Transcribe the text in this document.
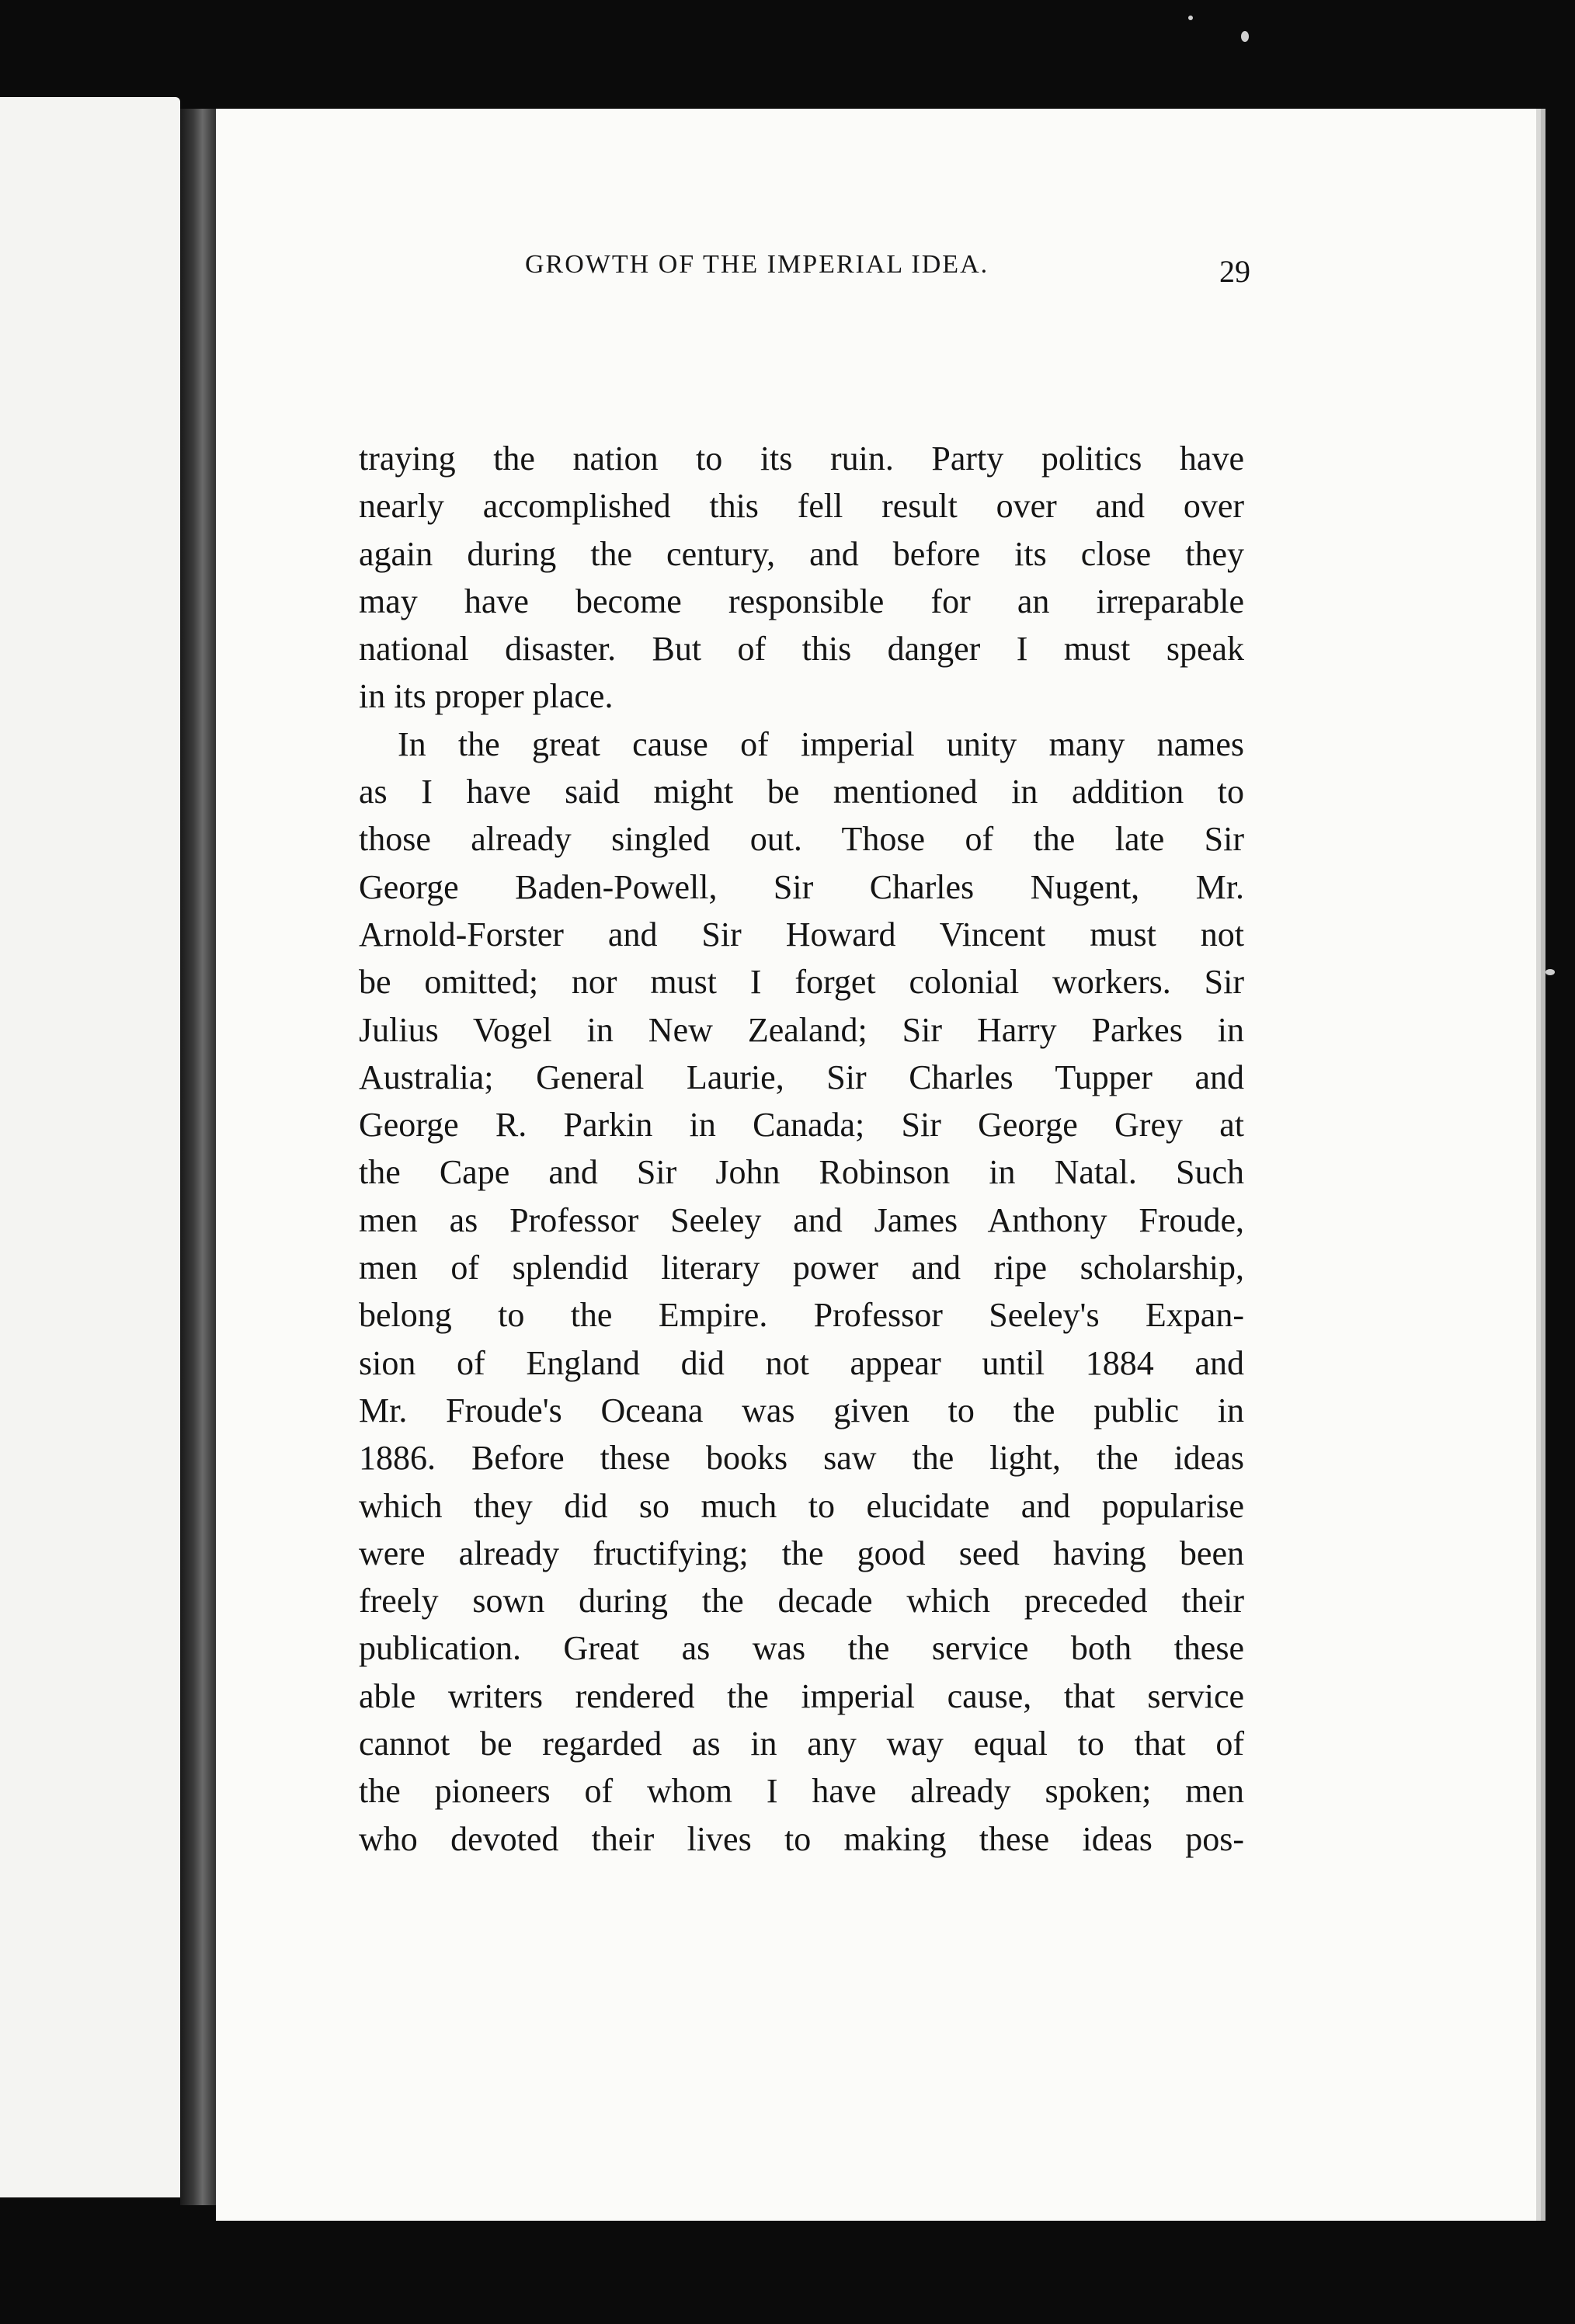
GROWTH OF THE IMPERIAL IDEA.	29
traying the nation to its ruin. Party politics have
nearly accomplished this fell result over and over
again during the century, and before its close they
may have become responsible for an irreparable
national disaster. But of this danger I must speak
in its proper place.
In the great cause of imperial unity many names
as I have said might be mentioned in addition to
those already singled out. Those of the late Sir
George Baden-Powell, Sir Charles Nugent, Mr.
Arnold-Forster and Sir Howard Vincent must not
be omitted; nor must I forget colonial workers. Sir
Julius Vogel in New Zealand; Sir Harry Parkes in
Australia; General Laurie, Sir Charles Tupper and
George R. Parkin in Canada; Sir George Grey at
the Cape and Sir John Robinson in Natal. Such
men as Professor Seeley and James Anthony Froude,
men of splendid literary power and ripe scholarship,
belong to the Empire. Professor Seeley's Expan-
sion of England did not appear until 1884 and
Mr. Froude's Oceana was given to the public in
1886. Before these books saw the light, the ideas
which they did so much to elucidate and popularise
were already fructifying; the good seed having been
freely sown during the decade which preceded their
publication. Great as was the service both these
able writers rendered the imperial cause, that service
cannot be regarded as in any way equal to that of
the pioneers of whom I have already spoken; men
who devoted their lives to making these ideas pos-
